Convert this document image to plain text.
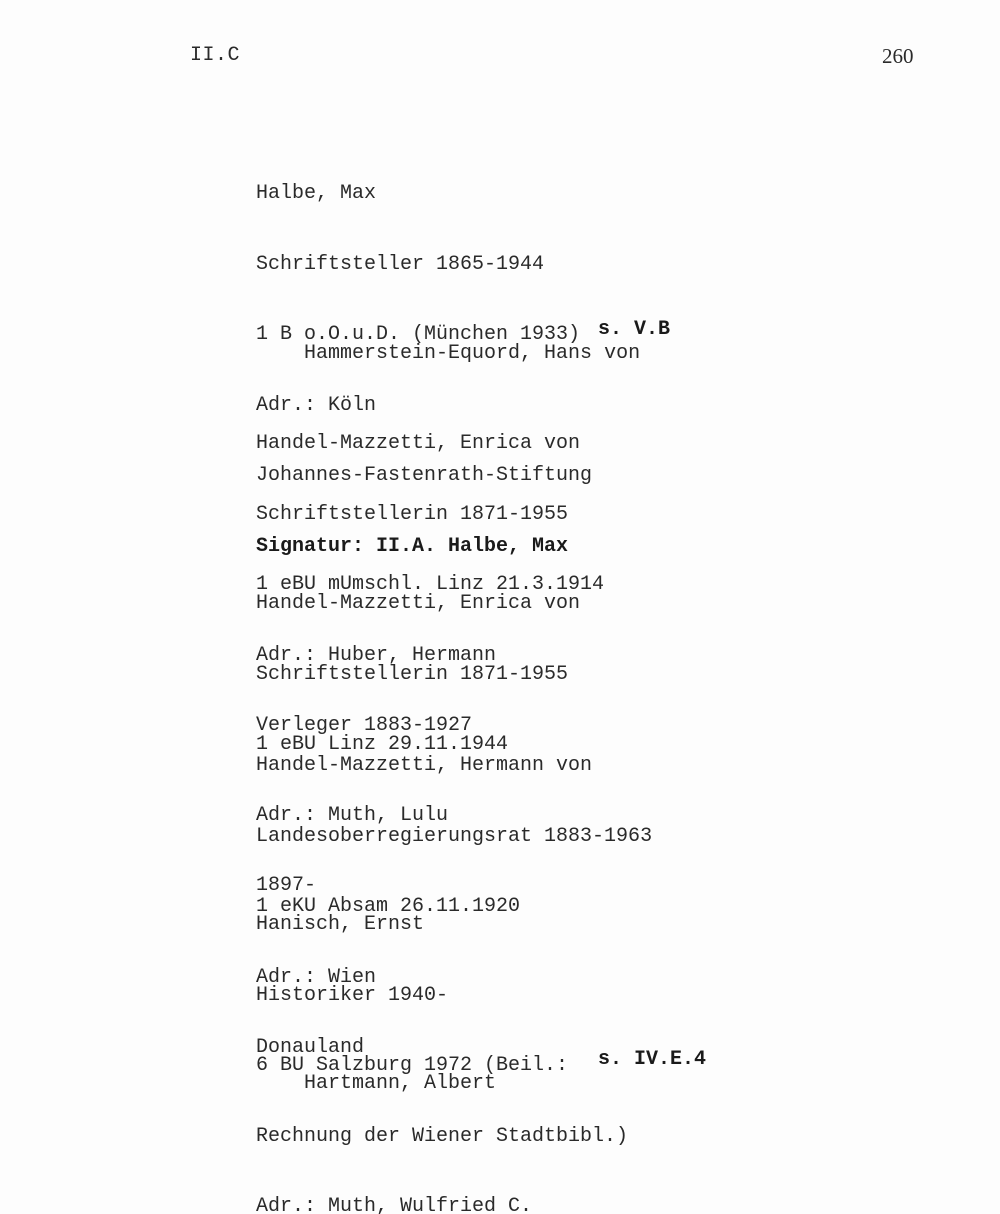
II.C	260

Halbe, Max

Schriftsteller 1865-1944

1 B o.O.u.D. (München 1933)

Adr.: Köln

Johannes-Fastenrath-Stiftung

Signatur: II.A. Halbe, Max

Hammerstein-Equord, Hans von

s. V.B

Handel-Mazzetti, Enrica von

Schriftstellerin 1871-1955

1 eBU mUmschl. Linz 21.3.1914

Adr.: Huber, Hermann

Verleger 1883-1927

Handel-Mazzetti, Enrica von

Schriftstellerin 1871-1955

1 eBU Linz 29.11.1944

Adr.: Muth, Lulu

1897-

Handel-Mazzetti, Hermann von

Landesoberregierungsrat 1883-1963

1 eKU Absam 26.11.1920

Adr.: Wien

Donauland

Hanisch, Ernst

Historiker 1940-

6 BU Salzburg 1972 (Beil.:

Rechnung der Wiener Stadtbibl.)

Adr.: Muth, Wulfried C.

Hartmann, Albert

s. IV.E.4
